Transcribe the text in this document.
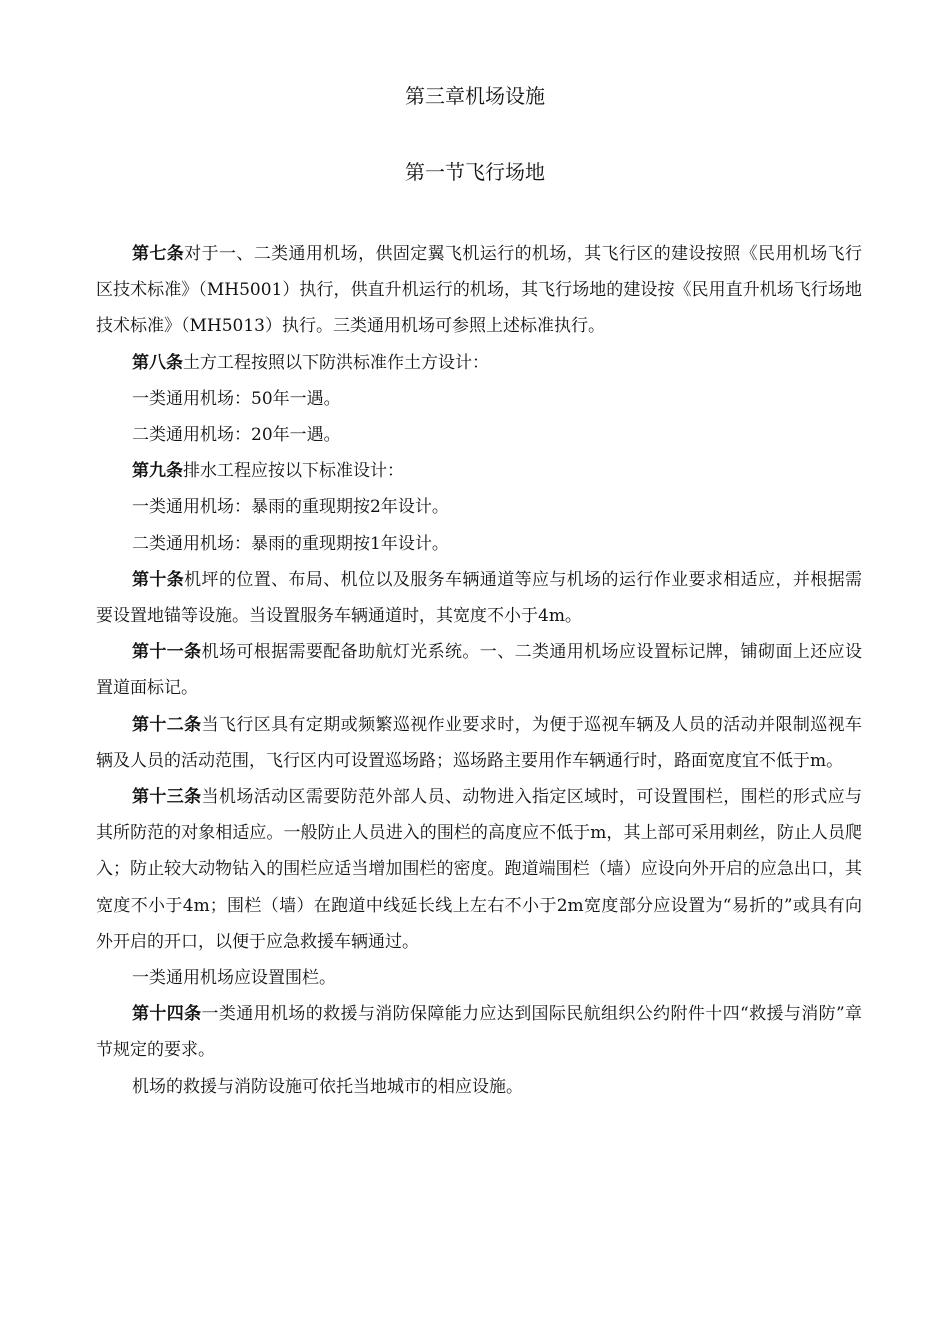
第三章机场设施
第一节飞行场地

第七条对于一、二类通用机场，供固定翼飞机运行的机场，其飞行区的建设按照《民用机场飞行区技术标准》（MH5001）执行，供直升机运行的机场，其飞行场地的建设按《民用直升机场飞行场地技术标准》（MH5013）执行。三类通用机场可参照上述标准执行。

第八条土方工程按照以下防洪标准作土方设计：

一类通用机场：50年一遇。

二类通用机场：20年一遇。

第九条排水工程应按以下标准设计：

一类通用机场：暴雨的重现期按2年设计。

二类通用机场：暴雨的重现期按1年设计。

第十条机坪的位置、布局、机位以及服务车辆通道等应与机场的运行作业要求相适应，并根据需要设置地锚等设施。当设置服务车辆通道时，其宽度不小于4m。

第十一条机场可根据需要配备助航灯光系统。一、二类通用机场应设置标记牌，铺砌面上还应设置道面标记。

第十二条当飞行区具有定期或频繁巡视作业要求时，为便于巡视车辆及人员的活动并限制巡视车辆及人员的活动范围，飞行区内可设置巡场路；巡场路主要用作车辆通行时，路面宽度宜不低于m。

第十三条当机场活动区需要防范外部人员、动物进入指定区域时，可设置围栏，围栏的形式应与其所防范的对象相适应。一般防止人员进入的围栏的高度应不低于m，其上部可采用刺丝，防止人员爬入；防止较大动物钻入的围栏应适当增加围栏的密度。跑道端围栏（墙）应设向外开启的应急出口，其宽度不小于4m；围栏（墙）在跑道中线延长线上左右不小于2m宽度部分应设置为“易折的”或具有向外开启的开口，以便于应急救援车辆通过。

一类通用机场应设置围栏。

第十四条一类通用机场的救援与消防保障能力应达到国际民航组织公约附件十四“救援与消防”章节规定的要求。

机场的救援与消防设施可依托当地城市的相应设施。
